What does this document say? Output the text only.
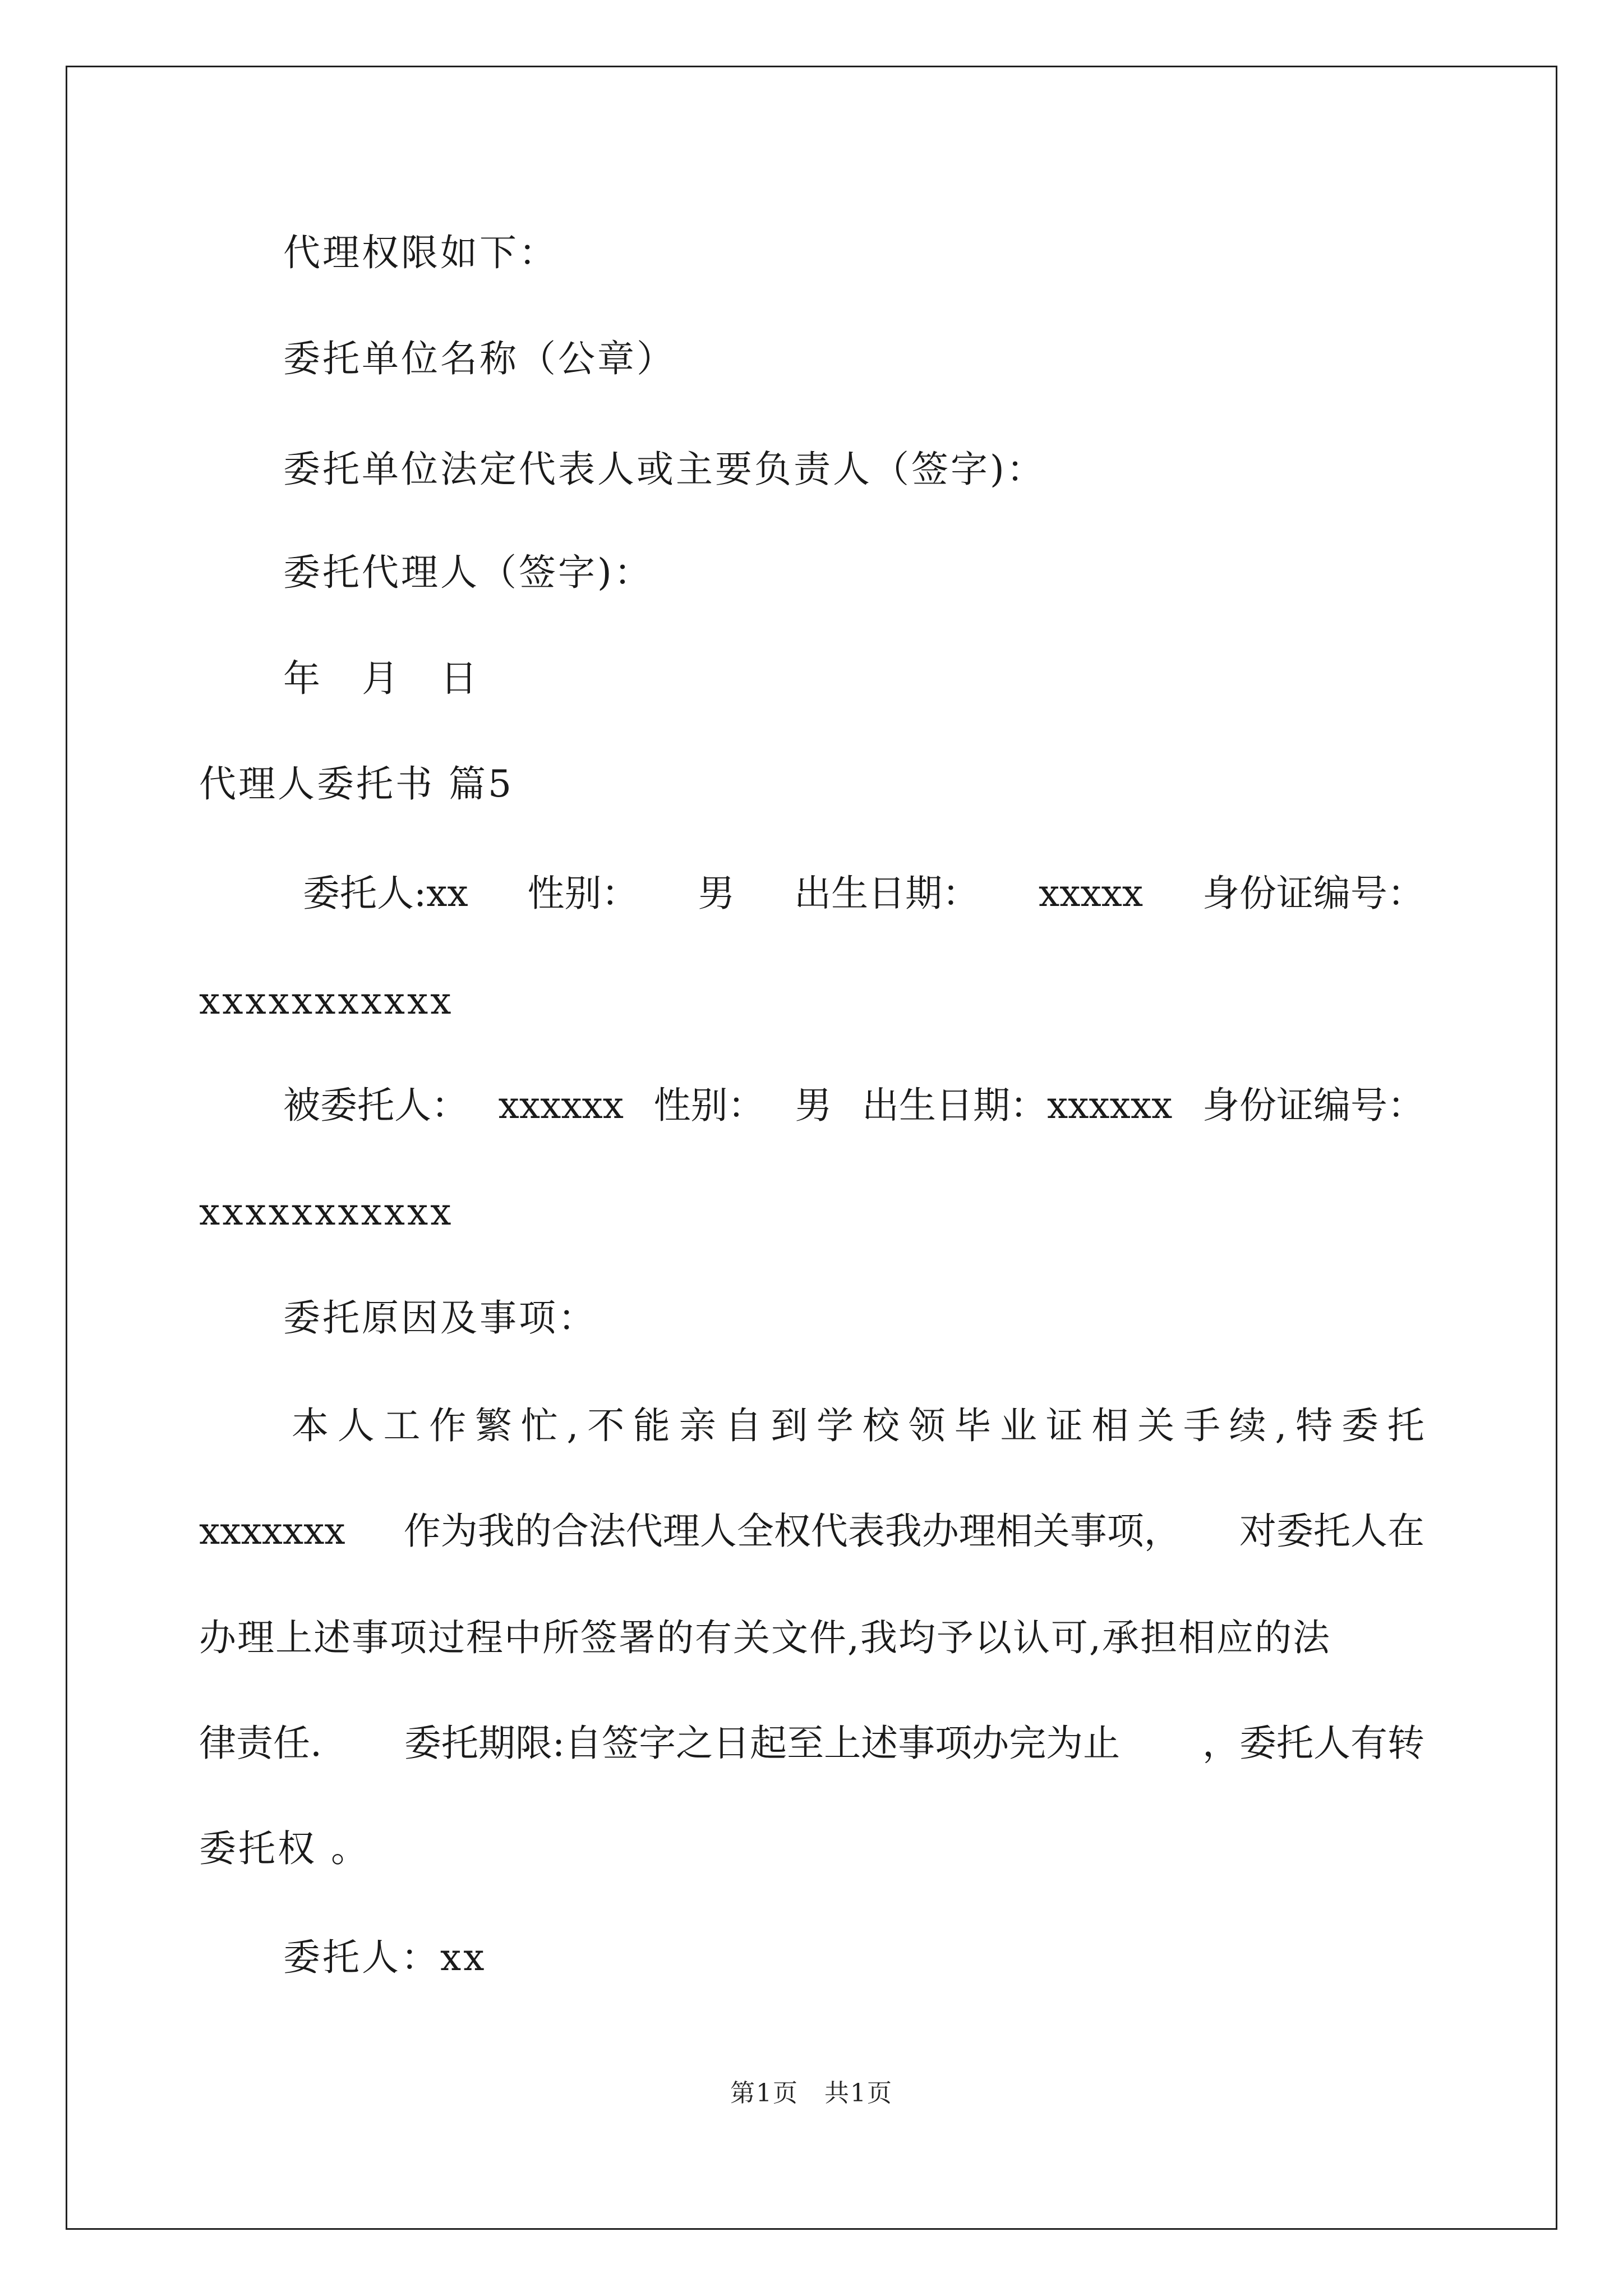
代理权限如下：
委托单位名称（公章）
委托单位法定代表人或主要负责人（签字)：
委托代理人（签字)：
年　月　日
代理人委托书 篇5
委托人:xx 性别： 男 出生日期： xxxxx 身份证编号：
xxxxxxxxxxx
被委托人： xxxxxx 性别： 男 出生日期：xxxxxx 身份证编号：
xxxxxxxxxxx
委托原因及事项：
本 人 工 作 繁 忙 , 不 能 亲 自 到 学 校 领 毕 业 证 相 关 手 续 , 特 委 托
xxxxxxx 作为我的合法代理人全权代表我办理相关事项， 对委托人在
办理上述事项过程中所签署的有关文件,我均予以认可,承担相应的法
律责任. 委托期限:自签字之日起至上述事项办完为止 ，委托人有转
委托权 。
委托人：xx
第1页　共1页
